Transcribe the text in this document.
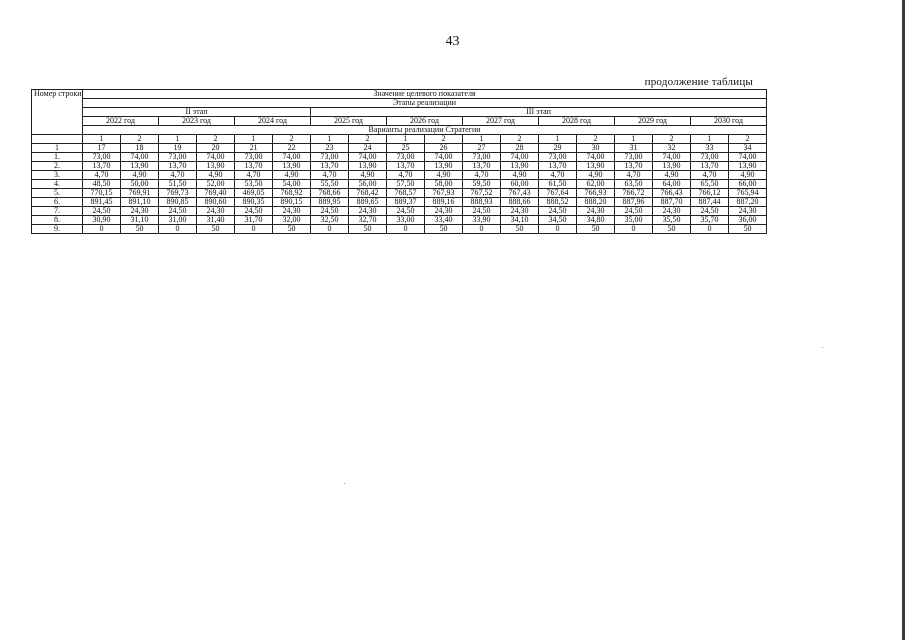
43
продолжение таблицы
Номер строки	Значение целевого показателя																	
	Этапы реализации																	
	II этап						III этап											
	2022 год		2023 год		2024 год		2025 год		2026 год		2027 год		2028 год		2029 год		2030 год	
	Варианты реализации Стратегии																	
	1	2	1	2	1	2	1	2	1	2	1	2	1	2	1	2	1	2
1	17	18	19	20	21	22	23	24	25	26	27	28	29	30	31	32	33	34
1.	73,00	74,00	73,00	74,00	73,00	74,00	73,00	74,00	73,00	74,00	73,00	74,00	73,00	74,00	73,00	74,00	73,00	74,00
2.	13,70	13,90	13,70	13,90	13,70	13,90	13,70	13,90	13,70	13,90	13,70	13,90	13,70	13,90	13,70	13,90	13,70	13,90
3.	4,70	4,90	4,70	4,90	4,70	4,90	4,70	4,90	4,70	4,90	4,70	4,90	4,70	4,90	4,70	4,90	4,70	4,90
4.	48,50	50,00	51,50	52,00	53,50	54,00	55,50	56,00	57,50	58,00	59,50	60,00	61,50	62,00	63,50	64,00	65,50	66,00
5.	770,15	769,91	769,73	769,40	469,05	768,92	768,66	768,42	768,57	767,93	767,52	767,43	767,64	766,93	766,72	766,43	766,12	765,94
6.	891,45	891,10	890,85	890,60	890,35	890,15	889,95	889,65	889,37	889,16	888,93	888,66	888,52	888,20	887,96	887,70	887,44	887,20
7.	24,50	24,30	24,50	24,30	24,50	24,30	24,50	24,30	24,50	24,30	24,50	24,30	24,50	24,30	24,50	24,30	24,50	24,30
8.	30,90	31,10	31,00	31,40	31,70	32,00	32,50	32,70	33,00	33,40	33,90	34,10	34,50	34,80	35,00	35,50	35,70	36,00
9.	0	50	0	50	0	50	0	50	0	50	0	50	0	50	0	50	0	50
